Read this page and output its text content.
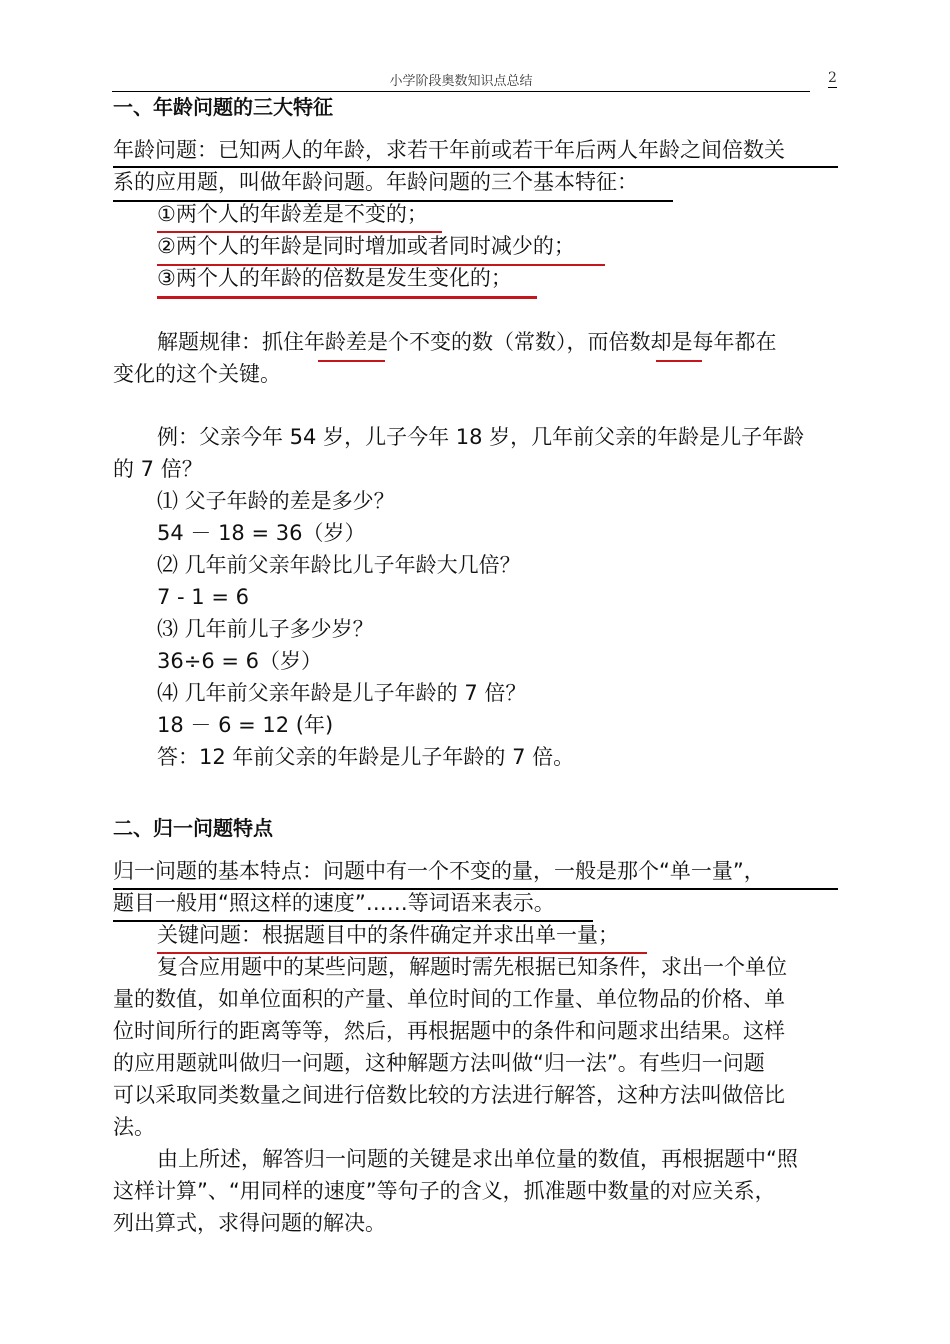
小学阶段奥数知识点总结	2
一、年龄问题的三大特征
年龄问题：已知两人的年龄，求若干年前或若干年后两人年龄之间倍数关
系的应用题，叫做年龄问题。年龄问题的三个基本特征：
①两个人的年龄差是不变的；
②两个人的年龄是同时增加或者同时减少的；
③两个人的年龄的倍数是发生变化的；
解题规律：抓住年龄差是个不变的数（常数），而倍数却是每年都在
变化的这个关键。
例：父亲今年 54 岁，儿子今年 18 岁，几年前父亲的年龄是儿子年龄
的 7 倍？
⑴ 父子年龄的差是多少？
54 － 18 = 36（岁）
⑵ 几年前父亲年龄比儿子年龄大几倍？
7 - 1 = 6
⑶ 几年前儿子多少岁？
36÷6 = 6（岁）
⑷ 几年前父亲年龄是儿子年龄的 7 倍？
18 － 6 = 12 (年)
答：12 年前父亲的年龄是儿子年龄的 7 倍。
二、归一问题特点
归一问题的基本特点：问题中有一个不变的量，一般是那个“单一量”，
题目一般用“照这样的速度”……等词语来表示。
关键问题：根据题目中的条件确定并求出单一量；
复合应用题中的某些问题，解题时需先根据已知条件，求出一个单位
量的数值，如单位面积的产量、单位时间的工作量、单位物品的价格、单
位时间所行的距离等等，然后，再根据题中的条件和问题求出结果。这样
的应用题就叫做归一问题，这种解题方法叫做“归一法”。有些归一问题
可以采取同类数量之间进行倍数比较的方法进行解答，这种方法叫做倍比
法。
由上所述，解答归一问题的关键是求出单位量的数值，再根据题中“照
这样计算”、“用同样的速度”等句子的含义，抓准题中数量的对应关系，
列出算式，求得问题的解决。
